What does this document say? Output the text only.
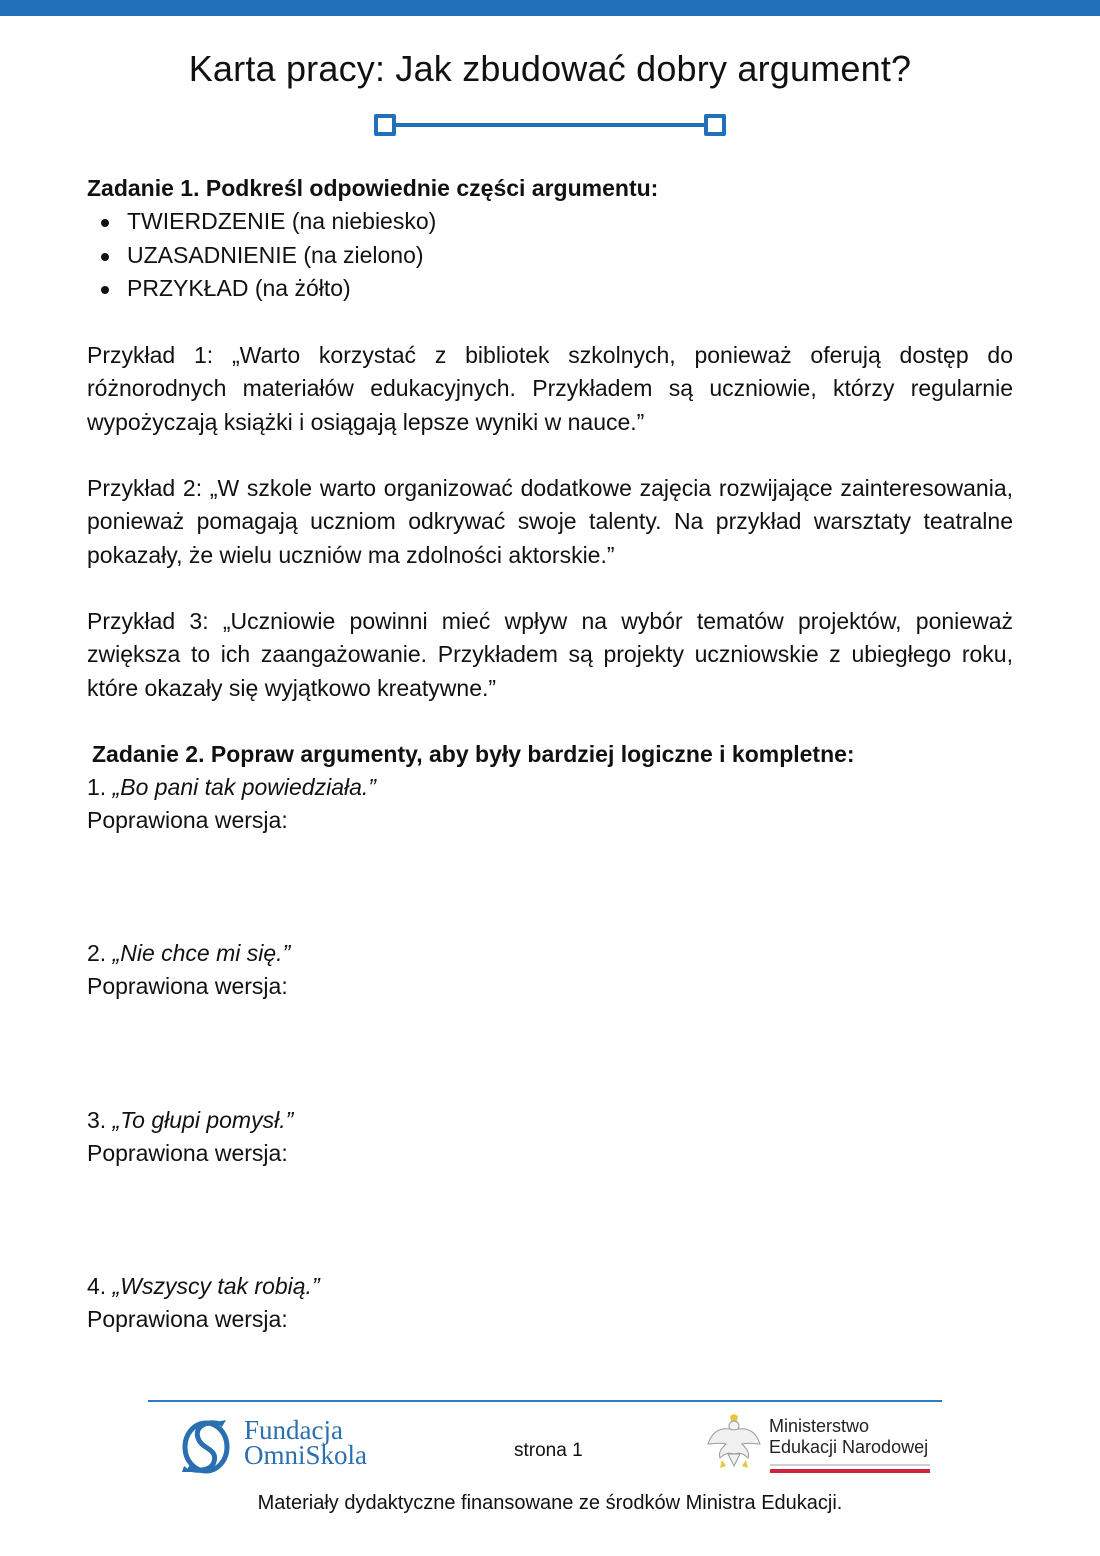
Karta pracy: Jak zbudować dobry argument?
Zadanie 1. Podkreśl odpowiednie części argumentu:
TWIERDZENIE (na niebiesko)
UZASADNIENIE (na zielono)
PRZYKŁAD (na żółto)
Przykład 1: „Warto korzystać z bibliotek szkolnych, ponieważ oferują dostęp do różnorodnych materiałów edukacyjnych. Przykładem są uczniowie, którzy regularnie wypożyczają książki i osiągają lepsze wyniki w nauce.”
Przykład 2: „W szkole warto organizować dodatkowe zajęcia rozwijające zainteresowania, ponieważ pomagają uczniom odkrywać swoje talenty. Na przykład warsztaty teatralne pokazały, że wielu uczniów ma zdolności aktorskie.”
Przykład 3: „Uczniowie powinni mieć wpływ na wybór tematów projektów, ponieważ zwiększa to ich zaangażowanie. Przykładem są projekty uczniowskie z ubiegłego roku, które okazały się wyjątkowo kreatywne.”
Zadanie 2. Popraw argumenty, aby były bardziej logiczne i kompletne:
1. „Bo pani tak powiedziała.”
Poprawiona wersja:
2. „Nie chce mi się.”
Poprawiona wersja:
3. „To głupi pomysł.”
Poprawiona wersja:
4. „Wszyscy tak robią.”
Poprawiona wersja:
Fundacja
OmniSkola	strona 1
Ministerstwo
Edukacji Narodowej
Materiały dydaktyczne finansowane ze środków Ministra Edukacji.
